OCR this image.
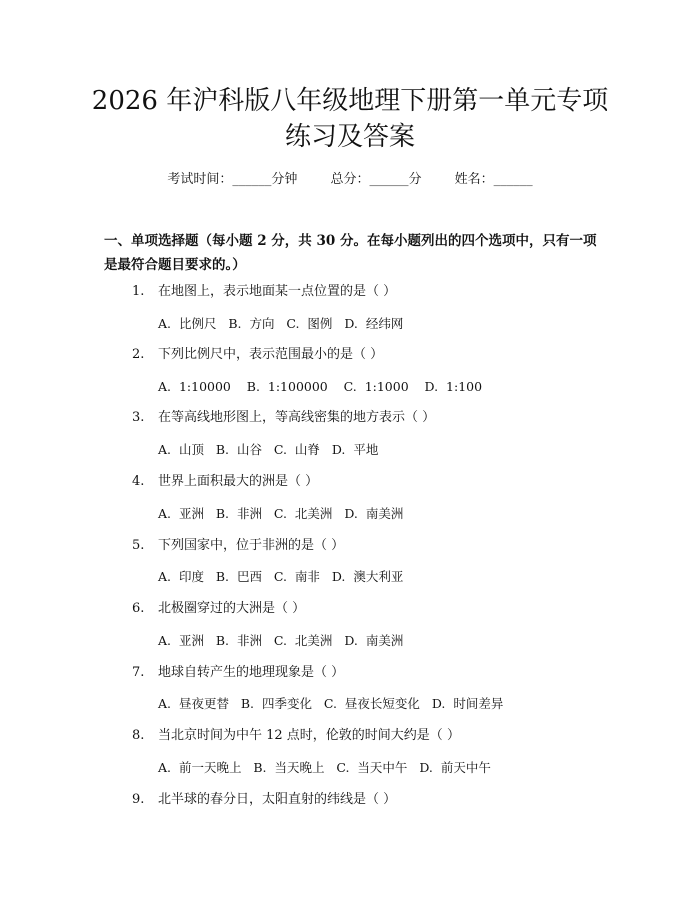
2026 年沪科版八年级地理下册第一单元专项
练习及答案
考试时间：______分钟	总分：______分	姓名：______
一、单项选择题（每小题 2 分，共 30 分。在每小题列出的四个选项中，只有一项是最符合题目要求的。）
1. 在地图上，表示地面某一点位置的是（ ）
A.  比例尺   B.  方向   C.  图例   D.  经纬网
2. 下列比例尺中，表示范围最小的是（ ）
A.  1:10000    B.  1:100000    C.  1:1000    D.  1:100
3. 在等高线地形图上，等高线密集的地方表示（ ）
A.  山顶   B.  山谷   C.  山脊   D.  平地
4. 世界上面积最大的洲是（ ）
A.  亚洲   B.  非洲   C.  北美洲   D.  南美洲
5. 下列国家中，位于非洲的是（ ）
A.  印度   B.  巴西   C.  南非   D.  澳大利亚
6. 北极圈穿过的大洲是（ ）
A.  亚洲   B.  非洲   C.  北美洲   D.  南美洲
7. 地球自转产生的地理现象是（ ）
A.  昼夜更替   B.  四季变化   C.  昼夜长短变化   D.  时间差异
8. 当北京时间为中午 12 点时，伦敦的时间大约是（ ）
A.  前一天晚上   B.  当天晚上   C.  当天中午   D.  前天中午
9. 北半球的春分日，太阳直射的纬线是（ ）
